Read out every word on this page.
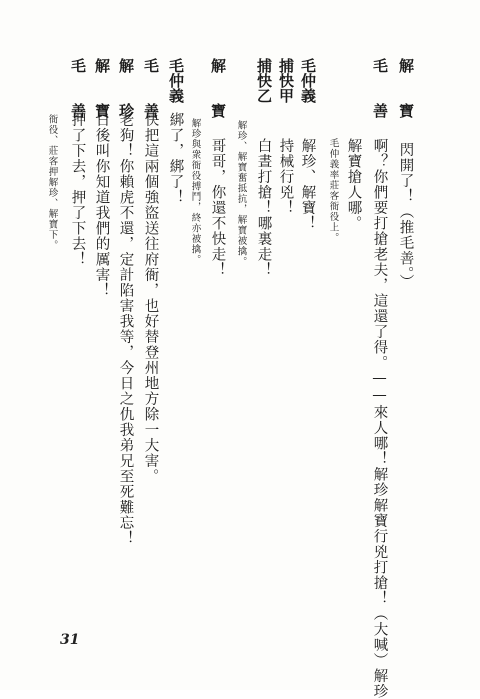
解　　寶
閃開了！（推毛善。）
毛　　善
啊？你們要打搶老夫，這還了得。——來人哪！解珍解寶行兇打搶！（大喊）解珍
解寶搶人哪。
毛仲義率莊客衙役上。
毛仲義
解珍、解寶！
捕快甲
持械行兇！
捕快乙
白晝打搶！哪裏走！
解珍、解寶奮抵抗，解寶被擒。
解　　寶
哥哥，你還不快走！
解珍與衆衙役搏鬥，終亦被擒。
毛仲義
綁了，綁了！
毛　　善
快把這兩個強盜送往府衙，也好替登州地方除一大害。
解　　珍
老狗！你賴虎不還，定計陷害我等，今日之仇我弟兄至死難忘！
解　　寶
日後叫你知道我們的厲害！
毛　　善
押了下去，押了下去！
衙役、莊客押解珍、解寶下。
31
